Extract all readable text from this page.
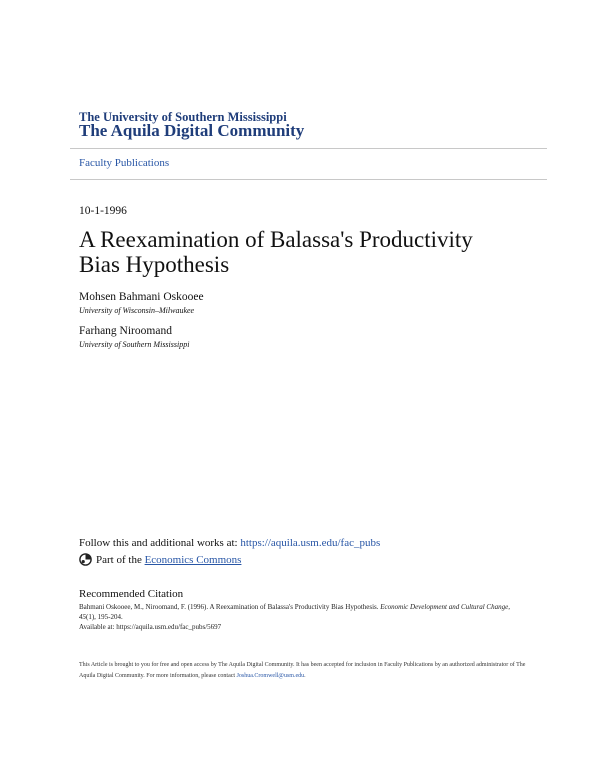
The University of Southern Mississippi
The Aquila Digital Community
Faculty Publications
10-1-1996
A Reexamination of Balassa's Productivity Bias Hypothesis
Mohsen Bahmani Oskooee
University of Wisconsin–Milwaukee
Farhang Niroomand
University of Southern Mississippi
Follow this and additional works at: https://aquila.usm.edu/fac_pubs
Part of the
Economics Commons
Recommended Citation
Bahmani Oskooee, M., Niroomand, F. (1996). A Reexamination of Balassa's Productivity Bias Hypothesis. Economic Development and Cultural Change, 45(1), 195-204.
Available at: https://aquila.usm.edu/fac_pubs/5697
This Article is brought to you for free and open access by The Aquila Digital Community. It has been accepted for inclusion in Faculty Publications by an authorized administrator of The Aquila Digital Community. For more information, please contact Joshua.Cromwell@usm.edu.
